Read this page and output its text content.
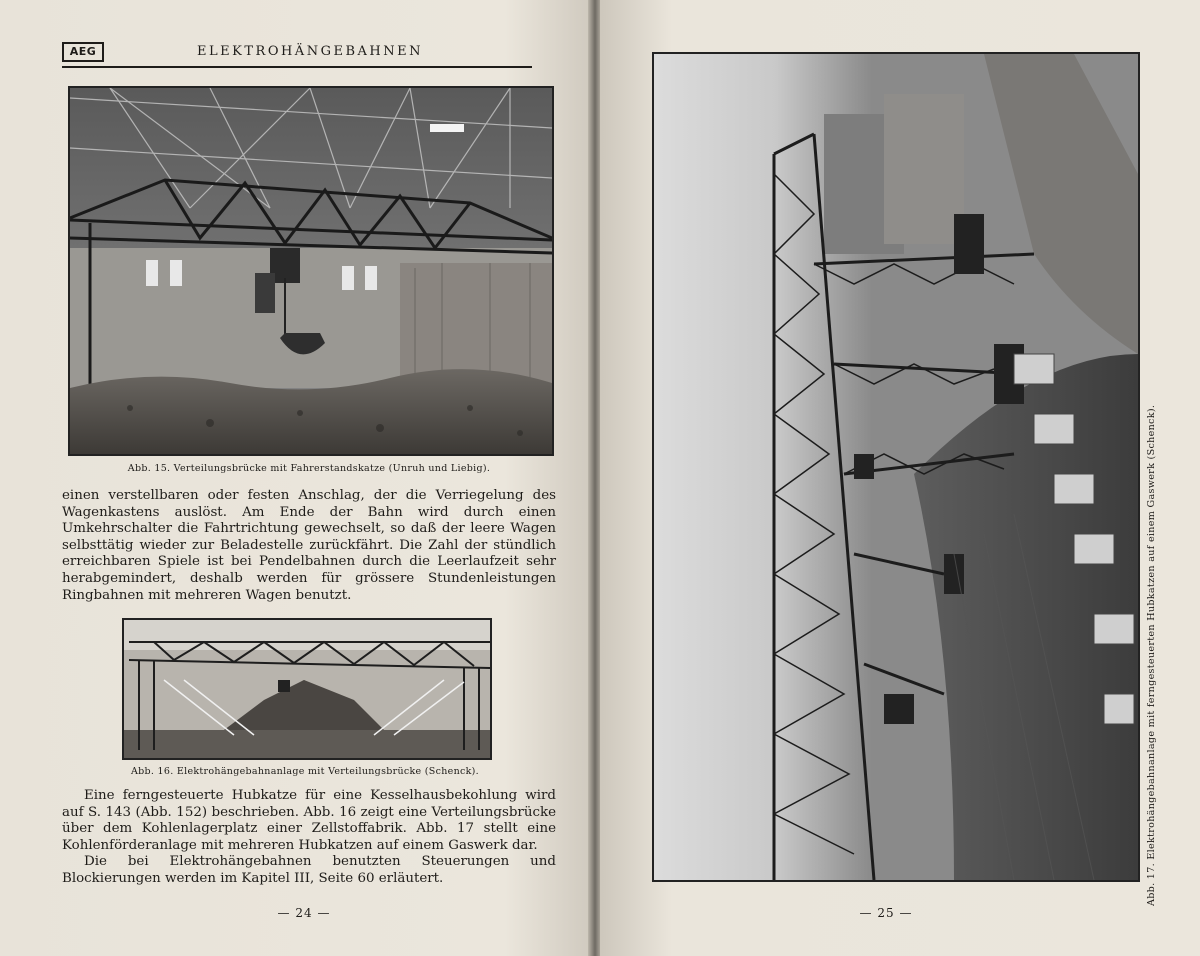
AEG	ELEKTROHÄNGEBAHNEN
Abb. 15. Verteilungsbrücke mit Fahrerstandskatze (Unruh und Liebig).

einen verstellbaren oder festen Anschlag, der die Verriegelung des Wagenkastens auslöst. Am Ende der Bahn wird durch einen Umkehrschalter die Fahrtrichtung gewechselt, so daß der leere Wagen selbsttätig wieder zur Beladestelle zurückfährt. Die Zahl der stündlich erreichbaren Spiele ist bei Pendelbahnen durch die Leerlaufzeit sehr herabgemindert, deshalb werden für grössere Stundenleistungen Ringbahnen mit mehreren Wagen benutzt.

Abb. 16. Elektrohängebahnanlage mit Verteilungsbrücke (Schenck).

Eine ferngesteuerte Hubkatze für eine Kesselhausbekohlung wird auf S. 143 (Abb. 152) beschrieben. Abb. 16 zeigt eine Verteilungsbrücke über dem Kohlenlagerplatz einer Zellstoffabrik. Abb. 17 stellt eine Kohlenförderanlage mit mehreren Hubkatzen auf einem Gaswerk dar.

Die bei Elektrohängebahnen benutzten Steuerungen und Blockierungen werden im Kapitel III, Seite 60 erläutert.

— 24 —	— 25 —
Abb. 17. Elektrohängebahnanlage mit ferngesteuerten Hubkatzen auf einem Gaswerk (Schenck).
